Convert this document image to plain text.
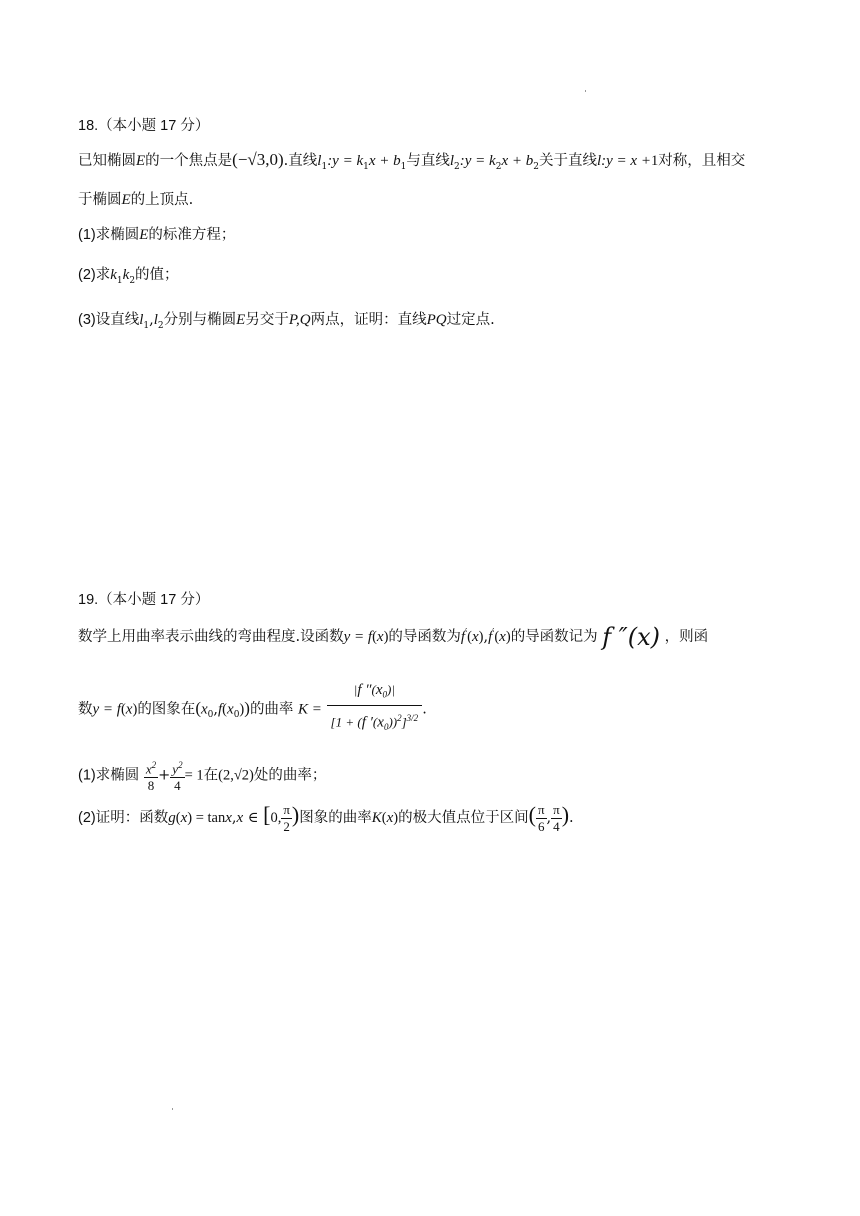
18.（本小题 17 分）
已知椭圆E的一个焦点是(−√3,0).直线$l_1:y = k_1x + b_1$与直线$l_2:y = k_2x + b_2$关于直线l:y = x +1对称，且相交
于椭圆E的上顶点.
(1)求椭圆E的标准方程；
(2)求$k_1k_2$的值；
(3)设直线$l_1,l_2$分别与椭圆E另交于P,Q两点，证明：直线PQ过定点.
19.（本小题 17 分）
数学上用曲率表示曲线的弯曲程度.设函数y = f(x)的导函数为f′(x),f′(x)的导函数记为 f ″(x) ，则函
数y = f(x)的图象在$(x_0,f(x_0))$的曲率 $K = \frac{|f ''(x_0)|}{[1 + (f '(x_0))^2]^{3/2}}$ .
(1)求椭圆 $\frac{x^2}{8} + \frac{y^2}{4} = 1$在(2,√2)处的曲率；
(2)证明：函数g(x) = tanx,x ∈ [0, $\frac{\pi}{2}$ )图象的曲率K(x)的极大值点位于区间( $\frac{\pi}{6}$ , $\frac{\pi}{4}$ ).
